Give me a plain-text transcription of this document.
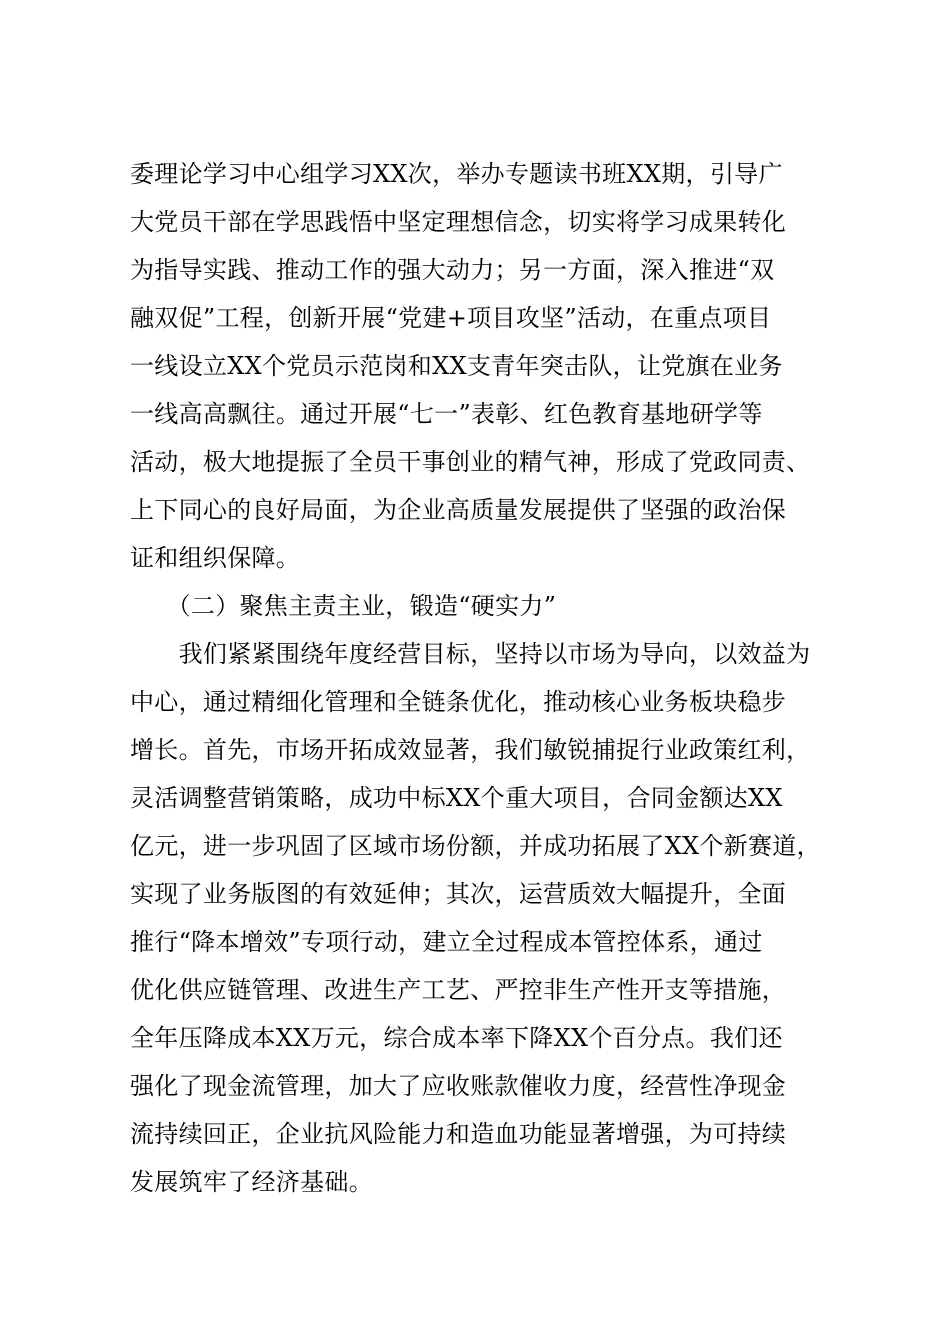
委理论学习中心组学习XX次，举办专题读书班XX期，引导广
大党员干部在学思践悟中坚定理想信念，切实将学习成果转化
为指导实践、推动工作的强大动力；另一方面，深入推进“双
融双促”工程，创新开展“党建+项目攻坚”活动，在重点项目
一线设立XX个党员示范岗和XX支青年突击队，让党旗在业务
一线高高飘往。通过开展“七一”表彰、红色教育基地研学等
活动，极大地提振了全员干事创业的精气神，形成了党政同责、
上下同心的良好局面，为企业高质量发展提供了坚强的政治保
证和组织保障。
　　（二）聚焦主责主业，锻造“硬实力”
　　我们紧紧围绕年度经营目标，坚持以市场为导向，以效益为
中心，通过精细化管理和全链条优化，推动核心业务板块稳步
增长。首先，市场开拓成效显著，我们敏锐捕捉行业政策红利，
灵活调整营销策略，成功中标XX个重大项目，合同金额达XX
亿元，进一步巩固了区域市场份额，并成功拓展了XX个新赛道，
实现了业务版图的有效延伸；其次，运营质效大幅提升，全面
推行“降本增效”专项行动，建立全过程成本管控体系，通过
优化供应链管理、改进生产工艺、严控非生产性开支等措施，
全年压降成本XX万元，综合成本率下降XX个百分点。我们还
强化了现金流管理，加大了应收账款催收力度，经营性净现金
流持续回正，企业抗风险能力和造血功能显著增强，为可持续
发展筑牢了经济基础。
